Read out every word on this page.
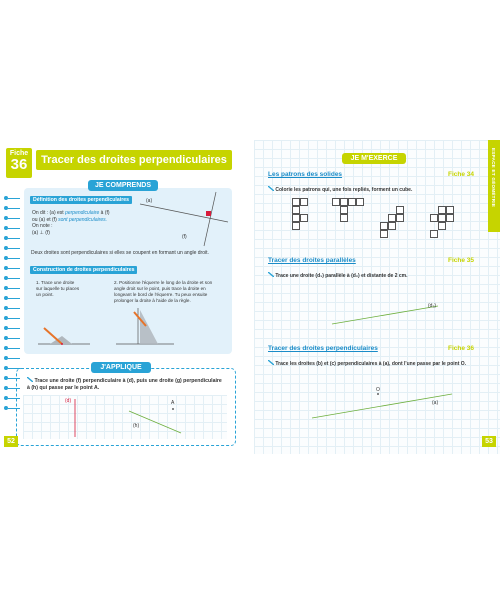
Fiche
36	Tracer des droites perpendiculaires
JE COMPRENDS
Définition des droites perpendiculaires
On dit : (a) est perpendiculaire à (f)
ou (a) et (f) sont perpendiculaires.
On note :
(a) ⊥ (f)
(a)
(f)
Deux droites sont perpendiculaires si elles se coupent en formant un angle droit.
Construction de droites perpendiculaires
1. Trace une droite sur laquelle tu places un point.
2. Positionne l'équerre le long de la droite et son angle droit sur le point, puis trace la droite en longeant le bord de l'équerre. Tu peux ensuite prolonger la droite à l'aide de la règle.
J'APPLIQUE
Trace une droite (f) perpendiculaire à (d), puis une droite (g) perpendiculaire à (h) qui passe par le point A.
(d)	A
(h)
52
ESPACE ET GÉOMÉTRIE
JE M'EXERCE
Les patrons des solides	Fiche 34
Colorie les patrons qui, une fois repliés, forment un cube.
Tracer des droites parallèles	Fiche 35
Trace une droite (d₁) parallèle à (d₂) et distante de 2 cm.
(d₂)
Tracer des droites perpendiculaires	Fiche 36
Trace les droites (b) et (c) perpendiculaires à (a), dont l'une passe par le point O.
O
(a)
53
